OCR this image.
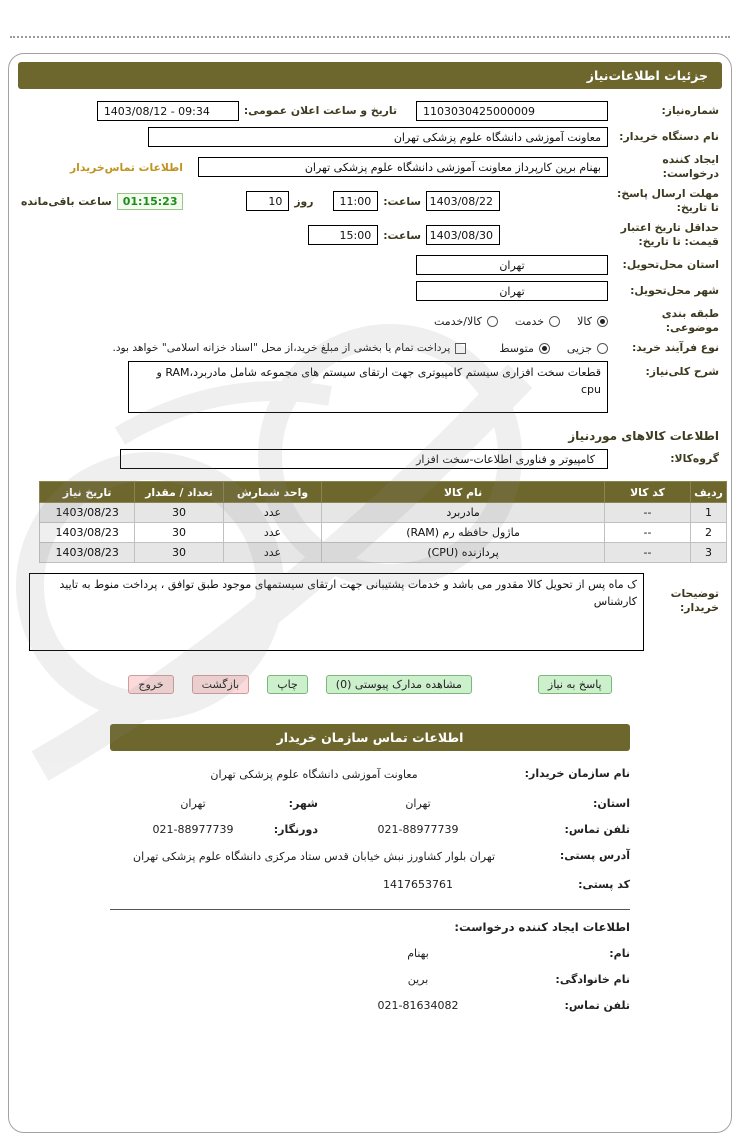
جزئیات اطلاعات‌نیاز
شماره‌نیاز:
1103030425000009
تاریخ و ساعت اعلان عمومی:
1403/08/12 - 09:34
نام دستگاه خریدار:
معاونت آموزشی دانشگاه علوم پزشکی تهران
ایجاد کننده درخواست:
بهنام برین کارپرداز معاونت آموزشی دانشگاه علوم پزشکی تهران
اطلاعات تماس‌خریدار
مهلت ارسال پاسخ: تا تاریخ:
1403/08/22
ساعت:
11:00
روز
10
01:15:23
ساعت باقی‌مانده
حداقل تاریخ اعتبار قیمت: تا تاریخ:
1403/08/30
ساعت:
15:00
استان محل‌تحویل:
تهران
شهر محل‌تحویل:
تهران
طبقه بندی موضوعی:
کالا
خدمت
کالا/خدمت
نوع فرآیند خرید:
جزیی
متوسط
پرداخت تمام یا بخشی از مبلغ خرید،از محل "اسناد خزانه اسلامی" خواهد بود.
شرح کلی‌نیاز:
قطعات سخت افزاری سیستم کامپیوتری جهت ارتقای سیستم های مجموعه شامل مادربرد،RAM و cpu
اطلاعات کالاهای موردنیاز
گروه‌کالا:
کامپیوتر و فناوری اطلاعات-سخت افزار
ردیف	کد کالا	نام کالا	واحد شمارش	تعداد / مقدار	تاریخ نیاز
1	--	مادربرد	عدد	30	1403/08/23
2	--	ماژول حافظه رم (RAM)	عدد	30	1403/08/23
3	--	پردازنده (CPU)	عدد	30	1403/08/23
توضیحات خریدار:
ک ماه پس از تحویل کالا مقدور می باشد و خدمات پشتیبانی جهت ارتقای سیستمهای موجود طبق توافق ، پرداخت منوط به تایید کارشناس
پاسخ به نیاز
مشاهده مدارک پیوستی (0)
چاپ
بازگشت
خروج
اطلاعات تماس سازمان خریدار
نام سازمان خریدار:
معاونت آموزشی دانشگاه علوم پزشکی تهران
استان:
تهران
شهر:
تهران
تلفن تماس:
021-88977739
دورنگار:
021-88977739
آدرس پستی:
تهران بلوار کشاورز نبش خیابان قدس ستاد مرکزی دانشگاه علوم پزشکی تهران
کد پستی:
1417653761
اطلاعات ایجاد کننده درخواست:
نام:
بهنام
نام خانوادگی:
برین
تلفن تماس:
021-81634082
